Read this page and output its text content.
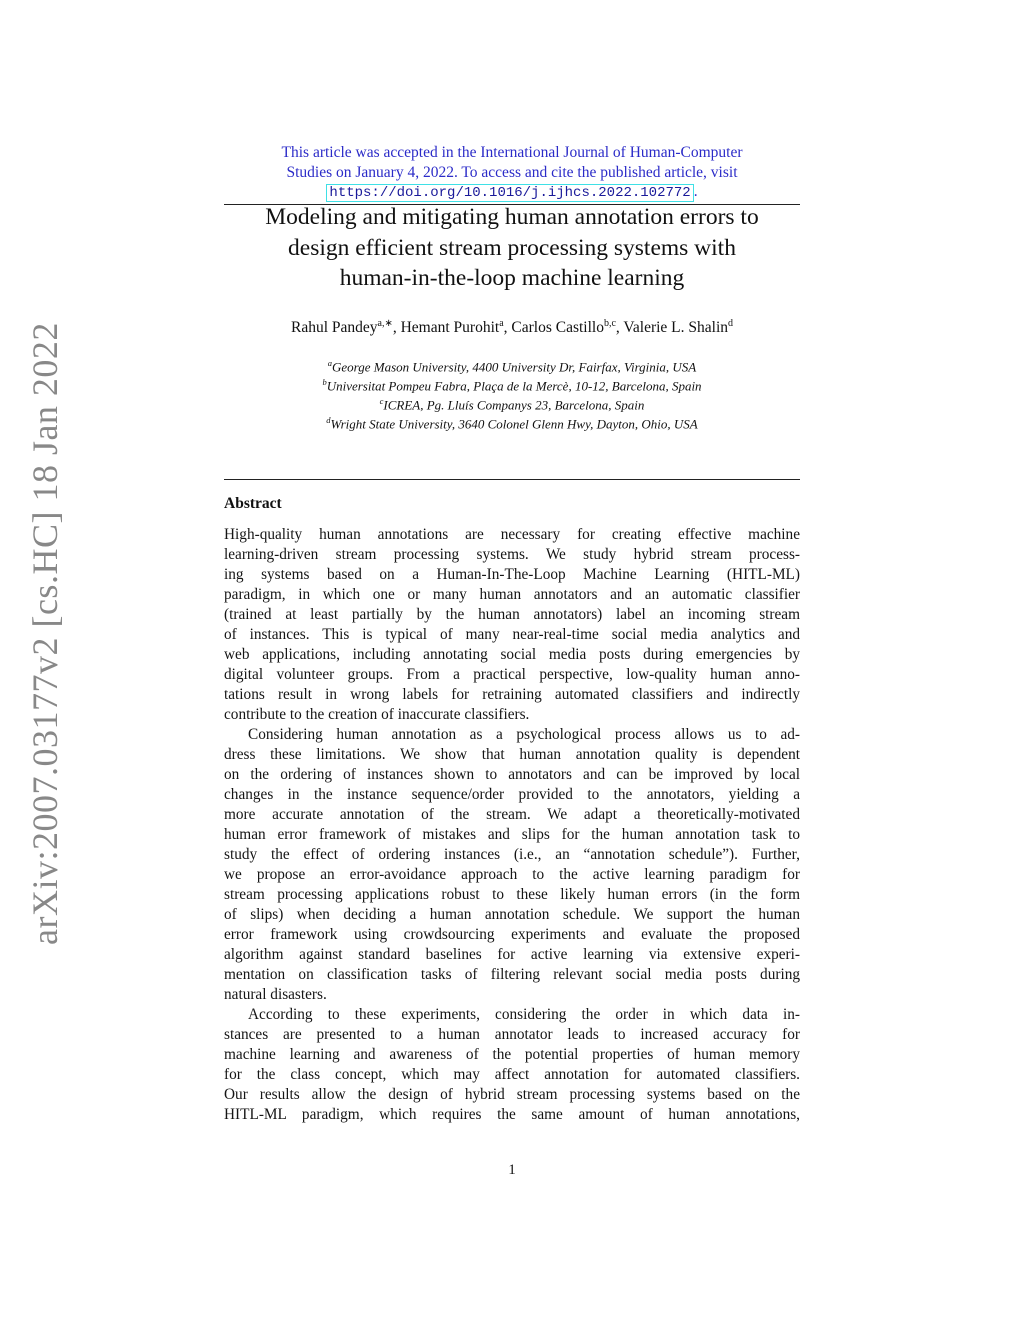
arXiv:2007.03177v2 [cs.HC] 18 Jan 2022
This article was accepted in the International Journal of Human-Computer
Studies on January 4, 2022. To access and cite the published article, visit
https://doi.org/10.1016/j.ijhcs.2022.102772 .
Modeling and mitigating human annotation errors to
design efficient stream processing systems with
human-in-the-loop machine learning
Rahul Pandey$^{a,∗}$, Hemant Purohit$^a$, Carlos Castillo$^{b,c}$, Valerie L. Shalin$^d$
$^a$George Mason University, 4400 University Dr, Fairfax, Virginia, USA
$^b$Universitat Pompeu Fabra, Plaça de la Mercè, 10-12, Barcelona, Spain
$^c$ICREA, Pg. Lluís Companys 23, Barcelona, Spain
$^d$Wright State University, 3640 Colonel Glenn Hwy, Dayton, Ohio, USA
Abstract
High-quality human annotations are necessary for creating effective machine
learning-driven stream processing systems. We study hybrid stream process-
ing systems based on a Human-In-The-Loop Machine Learning (HITL-ML)
paradigm, in which one or many human annotators and an automatic classifier
(trained at least partially by the human annotators) label an incoming stream
of instances. This is typical of many near-real-time social media analytics and
web applications, including annotating social media posts during emergencies by
digital volunteer groups. From a practical perspective, low-quality human anno-
tations result in wrong labels for retraining automated classifiers and indirectly
contribute to the creation of inaccurate classifiers.
Considering human annotation as a psychological process allows us to ad-
dress these limitations. We show that human annotation quality is dependent
on the ordering of instances shown to annotators and can be improved by local
changes in the instance sequence/order provided to the annotators, yielding a
more accurate annotation of the stream. We adapt a theoretically-motivated
human error framework of mistakes and slips for the human annotation task to
study the effect of ordering instances (i.e., an “annotation schedule”). Further,
we propose an error-avoidance approach to the active learning paradigm for
stream processing applications robust to these likely human errors (in the form
of slips) when deciding a human annotation schedule. We support the human
error framework using crowdsourcing experiments and evaluate the proposed
algorithm against standard baselines for active learning via extensive experi-
mentation on classification tasks of filtering relevant social media posts during
natural disasters.
According to these experiments, considering the order in which data in-
stances are presented to a human annotator leads to increased accuracy for
machine learning and awareness of the potential properties of human memory
for the class concept, which may affect annotation for automated classifiers.
Our results allow the design of hybrid stream processing systems based on the
HITL-ML paradigm, which requires the same amount of human annotations,
1
